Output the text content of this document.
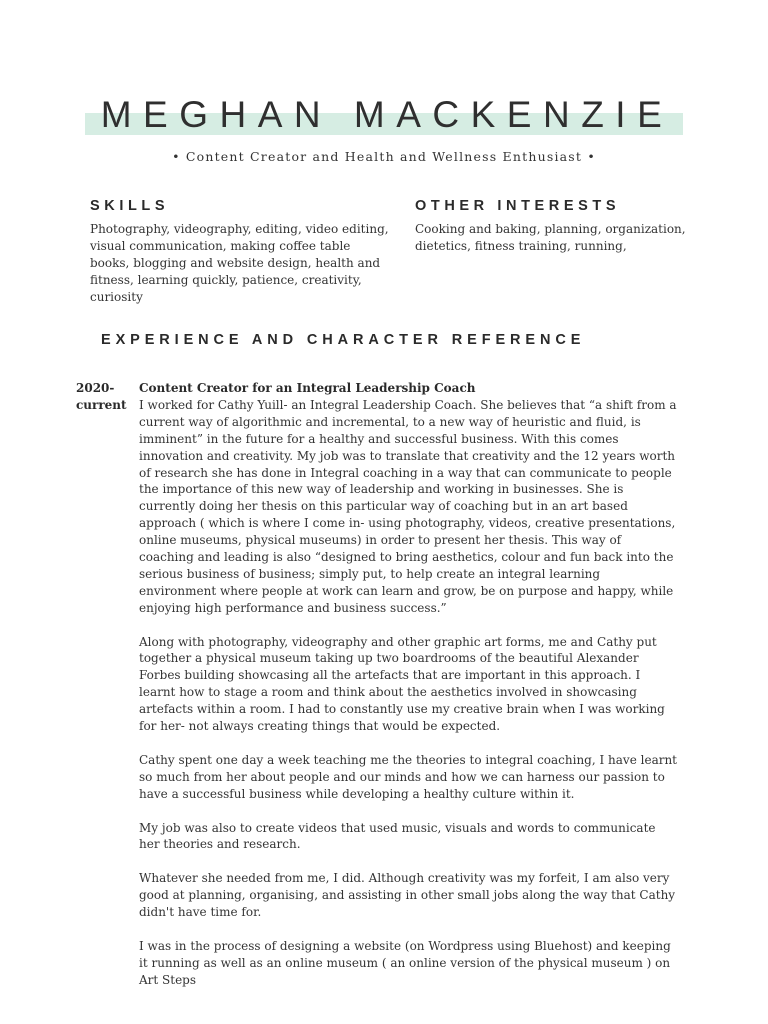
MEGHAN MACKENZIE
• Content Creator and Health and Wellness Enthusiast •
SKILLS
Photography, videography, editing, video editing, visual communication, making coffee table books, blogging and website design, health and fitness, learning quickly, patience, creativity, curiosity
OTHER INTERESTS
Cooking and baking, planning, organization, dietetics, fitness training, running,
EXPERIENCE AND CHARACTER REFERENCE
2020-
current

Content Creator for an Integral Leadership Coach

I worked for Cathy Yuill- an Integral Leadership Coach. She believes that “a shift from a current way of algorithmic and incremental, to a new way of heuristic and fluid, is imminent” in the future for a healthy and successful business. With this comes innovation and creativity. My job was to translate that creativity and the 12 years worth of research she has done in Integral coaching in a way that can communicate to people the importance of this new way of leadership and working in businesses. She is currently doing her thesis on this particular way of coaching but in an art based approach ( which is where I come in- using photography, videos, creative presentations, online museums, physical museums) in order to present her thesis. This way of coaching and leading is also “designed to bring aesthetics, colour and fun back into the serious business of business; simply put, to help create an integral learning environment where people at work can learn and grow, be on purpose and happy, while enjoying high performance and business success.”

Along with photography, videography and other graphic art forms, me and Cathy put together a physical museum taking up two boardrooms of the beautiful Alexander Forbes building showcasing all the artefacts that are important in this approach. I learnt how to stage a room and think about the aesthetics involved in showcasing artefacts within a room. I had to constantly use my creative brain when I was working for her- not always creating things that would be expected.

Cathy spent one day a week teaching me the theories to integral coaching, I have learnt so much from her about people and our minds and how we can harness our passion to have a successful business while developing a healthy culture within it.

My job was also to create videos that used music, visuals and words to communicate her theories and research.

Whatever she needed from me, I did. Although creativity was my forfeit, I am also very good at planning, organising, and assisting in other small jobs along the way that Cathy didn't have time for.

I was in the process of designing a website (on Wordpress using Bluehost) and keeping it running as well as an online museum ( an online version of the physical museum ) on Art Steps
